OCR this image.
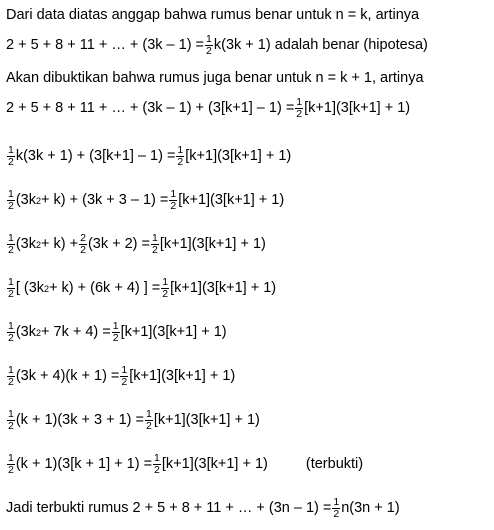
Dari data diatas anggap bahwa rumus benar untuk n = k, artinya
2 + 5 + 8 + 11 + … + $(3k - 1) = \frac{1}{2} k(3k + 1)$ adalah benar (hipotesa)
Akan dibuktikan bahwa rumus juga benar untuk n = k + 1, artinya
2 + 5 + 8 + 11 + … + $(3k - 1) + (3[k+1] - 1) = \frac{1}{2} [k+1](3[k+1] + 1)$
$\frac{1}{2} k(3k + 1) + (3[k+1] - 1) = \frac{1}{2} [k+1](3[k+1] + 1)$
$\frac{1}{2} (3k$ $2 + k) + (3k + 3 - 1) = \frac{1}{2} [k+1](3[k+1] + 1)$
$\frac{1}{2} (3k$ $2 + k) + \frac{2}{2} (3k + 2) = \frac{1}{2} [k+1](3[k+1] + 1)$
$\frac{1}{2}$ [ (3k 2 + k) + (6k + 4) ] = $\frac{1}{2} [k+1](3[k+1] + 1)$
$\frac{1}{2} (3k$ $2 + 7k + 4) = \frac{1}{2} [k+1](3[k+1] + 1)$
$\frac{1}{2} (3k + 4)(k + 1) = \frac{1}{2} [k+1](3[k+1] + 1)$
$\frac{1}{2} (k + 1)(3k + 3 + 1) = \frac{1}{2} [k+1](3[k+1] + 1)$
$\frac{1}{2} (k + 1)(3[k + 1] + 1) = \frac{1}{2} [k+1](3[k+1] + 1)$	(terbukti)
Jadi terbukti rumus 2 + 5 + 8 + 11 + … + $(3n - 1) = \frac{1}{2} n(3n + 1)$
